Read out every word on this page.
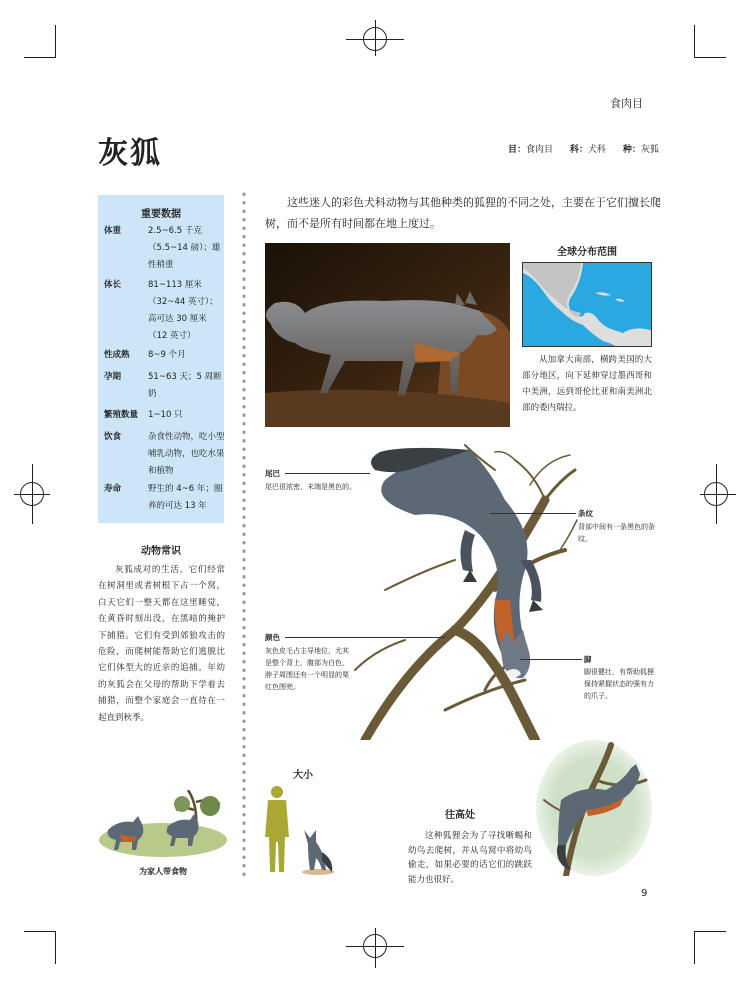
食肉目
灰狐	目：食肉目 科：犬科 种：灰狐
重要数据
体重	2.5~6.5 千克（5.5~14 磅）；雄性稍重
体长	81~113 厘米（32~44 英寸）；高可达 30 厘米（12 英寸）
性成熟	8~9 个月
孕期	51~63 天；5 周断奶
繁殖数量	1~10 只
饮食	杂食性动物，吃小型哺乳动物，也吃水果和植物
寿命	野生的 4~6 年；圈养的可达 13 年
动物常识
灰狐成对的生活，它们经常在树洞里或者树根下占一个窝，白天它们一整天都在这里睡觉，在黄昏时刻出没，在黑暗的掩护下捕猎。它们有受到郊狼攻击的危险，而爬树能帮助它们逃脱比它们体型大的近亲的追捕。年幼的灰狐会在父母的帮助下学着去捕猎，而整个家庭会一直待在一起直到秋季。
这些迷人的彩色犬科动物与其他种类的狐狸的不同之处，主要在于它们擅长爬树，而不是所有时间都在地上度过。
全球分布范围
从加拿大南部，横跨美国的大部分地区，向下延伸穿过墨西哥和中美洲，远到哥伦比亚和南美洲北部的委内瑞拉。
尾巴
尾巴很浓密，末端是黑色的。
条纹
背部中间有一条黑色的条纹。
颜色
灰色皮毛占主导地位，尤其是整个背上，腹部为白色，脖子周围还有一个明显的栗红色围兜。
脚
脚很健壮，有帮助狐狸保持紧握状态的强有力的爪子。
大小
往高处
这种狐狸会为了寻找晰蜴和幼鸟去爬树，并从鸟窝中将幼鸟偷走，如果必要的话它们的跳跃能力也很好。
为家人带食物
9
